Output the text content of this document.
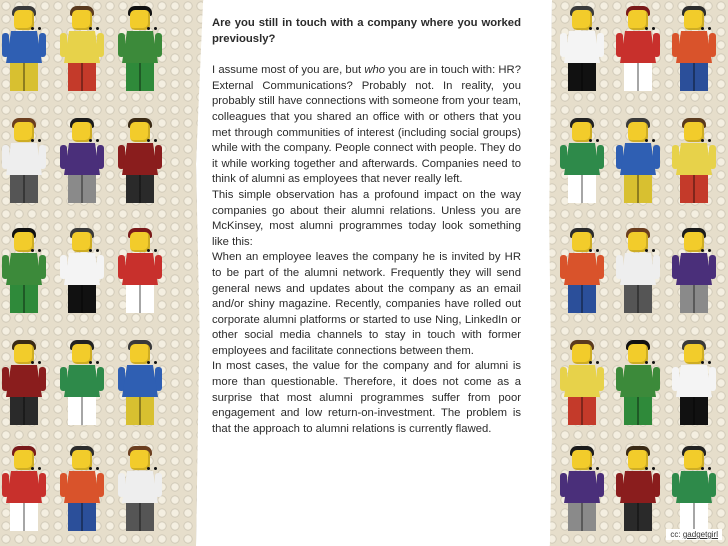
Are you still in touch with a company where you worked previously?

I assume most of you are, but who you are in touch with: HR? External Communications? Probably not. In reality, you probably still have connections with someone from your team, colleagues that you shared an office with or others that you met through communities of interest (including social groups) while with the company. People connect with people. They do it while working together and afterwards. Companies need to think of alumni as employees that never really left.

This simple observation has a profound impact on the way companies go about their alumni relations. Unless you are McKinsey, most alumni programmes today look something like this:

When an employee leaves the company he is invited by HR to be part of the alumni network. Frequently they will send general news and updates about the company as an email and/or shiny magazine. Recently, companies have rolled out corporate alumni platforms or started to use Ning, LinkedIn or other social media channels to stay in touch with former employees and facilitate connections between them.

In most cases, the value for the company and for alumni is more than questionable. Therefore, it does not come as a surprise that most alumni programmes suffer from poor engagement and low return-on-investment. The problem is that the approach to alumni relations is currently flawed.

cc: gadgetgirl
